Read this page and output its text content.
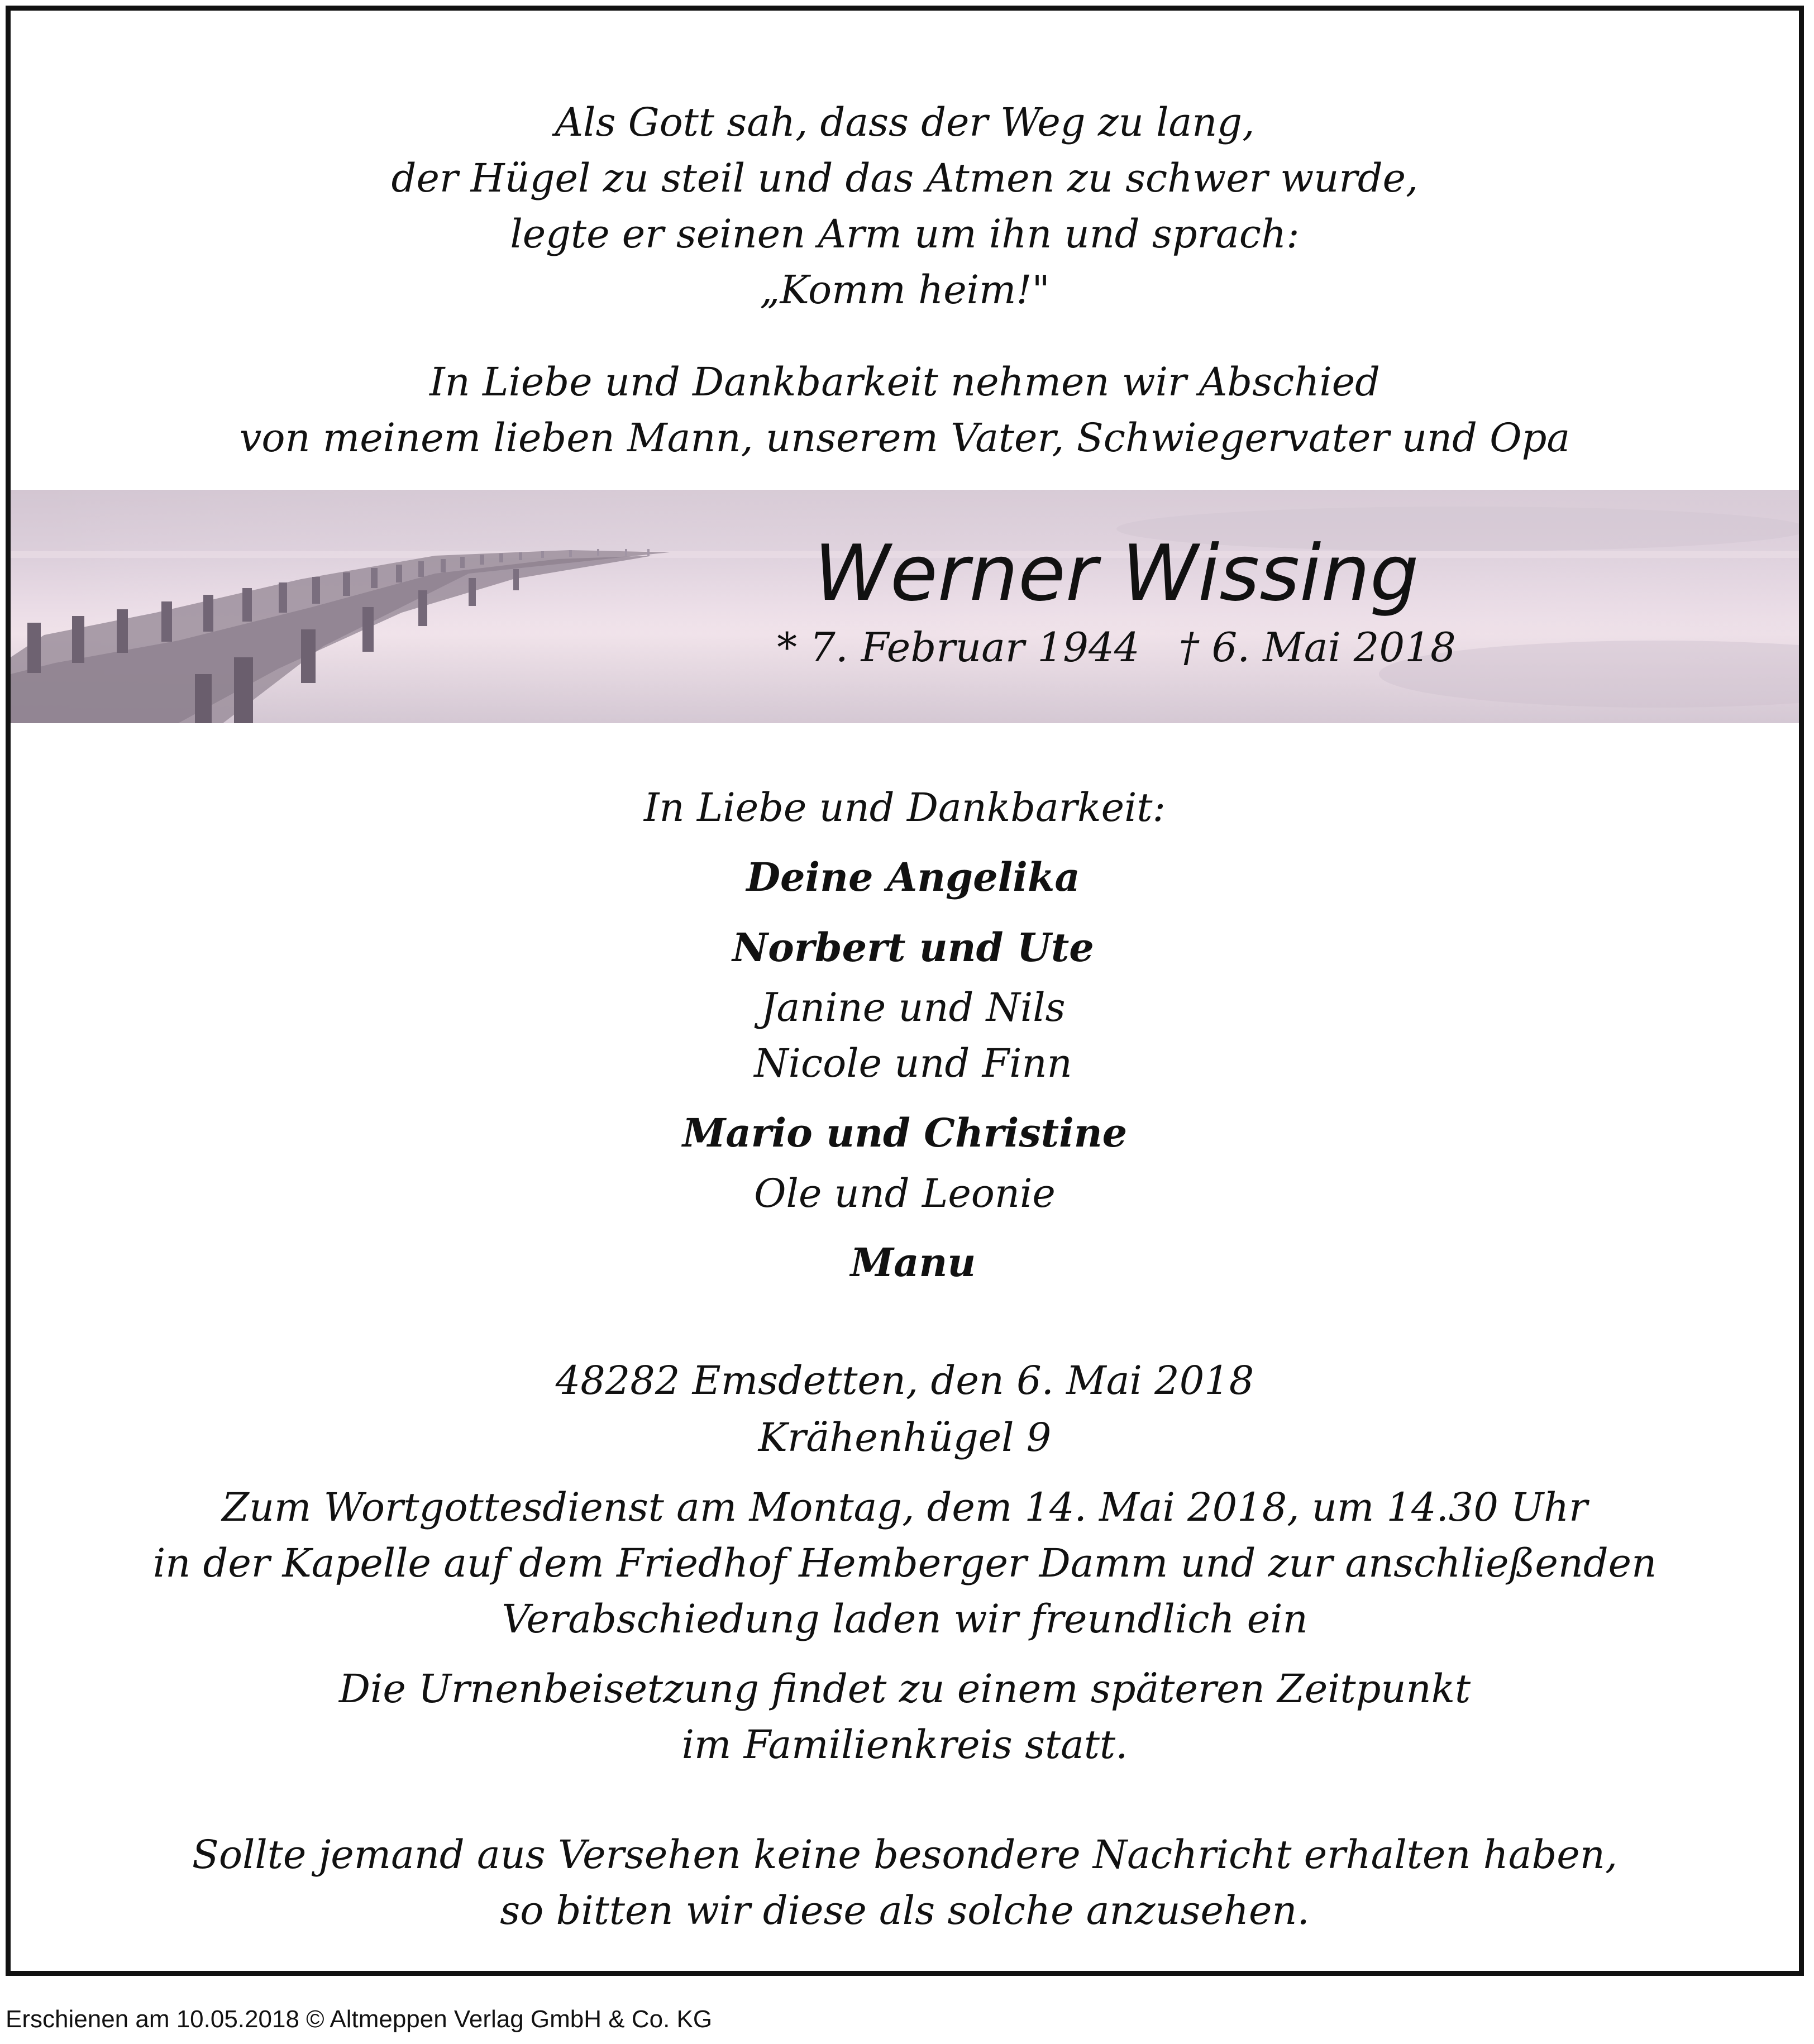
Als Gott sah, dass der Weg zu lang,
der Hügel zu steil und das Atmen zu schwer wurde,
legte er seinen Arm um ihn und sprach:
„Komm heim!"
In Liebe und Dankbarkeit nehmen wir Abschied
von meinem lieben Mann, unserem Vater, Schwiegervater und Opa
Werner Wissing
* 7. Februar 1944 † 6. Mai 2018
In Liebe und Dankbarkeit:
Deine Angelika
Norbert und Ute
Janine und Nils
Nicole und Finn
Mario und Christine
Ole und Leonie
Manu
48282 Emsdetten, den 6. Mai 2018
Krähenhügel 9
Zum Wortgottesdienst am Montag, dem 14. Mai 2018, um 14.30 Uhr
in der Kapelle auf dem Friedhof Hemberger Damm und zur anschließenden
Verabschiedung laden wir freundlich ein
Die Urnenbeisetzung findet zu einem späteren Zeitpunkt
im Familienkreis statt.
Sollte jemand aus Versehen keine besondere Nachricht erhalten haben,
so bitten wir diese als solche anzusehen.
Erschienen am 10.05.2018 © Altmeppen Verlag GmbH & Co. KG
